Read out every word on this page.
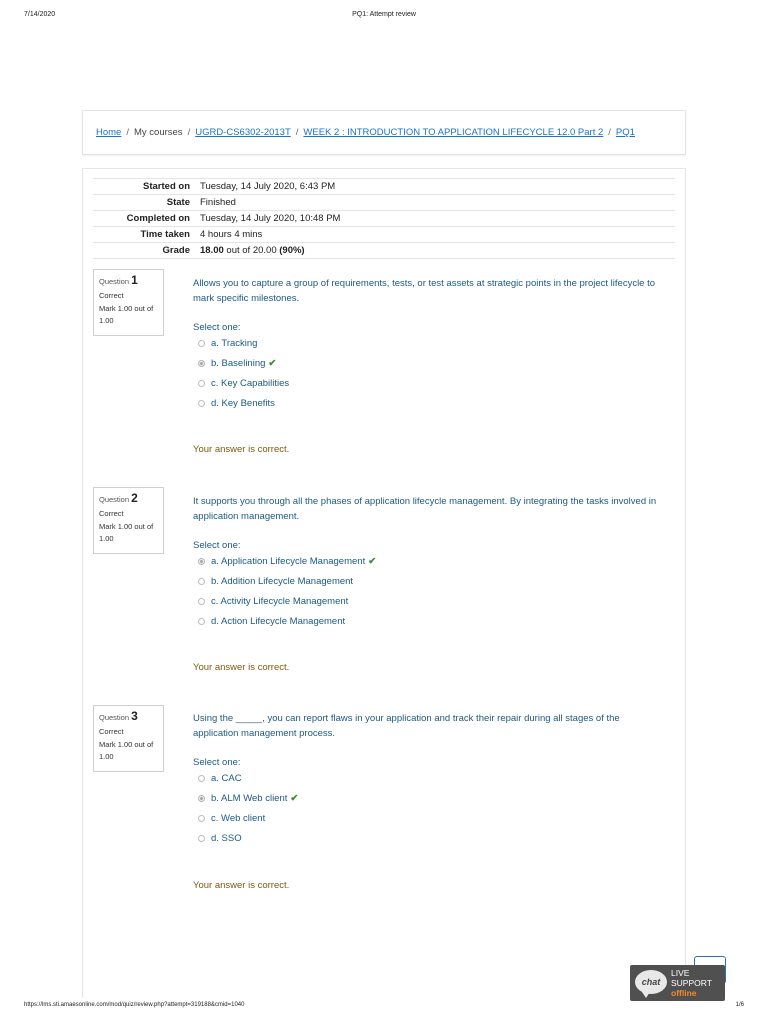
7/14/2020	PQ1: Attempt review
Home / My courses / UGRD-CS6302-2013T / WEEK 2 : INTRODUCTION TO APPLICATION LIFECYCLE 12.0 Part 2 / PQ1
Started on Tuesday, 14 July 2020, 6:43 PM
State Finished
Completed on Tuesday, 14 July 2020, 10:48 PM
Time taken 4 hours 4 mins
Grade 18.00 out of 20.00 (90%)
Question 1
Correct
Mark 1.00 out of 1.00
Allows you to capture a group of requirements, tests, or test assets at strategic points in the project lifecycle to mark specific milestones.
Select one:
a. Tracking
b. Baselining ✔
c. Key Capabilities
d. Key Benefits
Your answer is correct.
Question 2
Correct
Mark 1.00 out of 1.00
It supports you through all the phases of application lifecycle management. By integrating the tasks involved in application management.
Select one:
a. Application Lifecycle Management ✔
b. Addition Lifecycle Management
c. Activity Lifecycle Management
d. Action Lifecycle Management
Your answer is correct.
Question 3
Correct
Mark 1.00 out of 1.00
Using the _____, you can report flaws in your application and track their repair during all stages of the application management process.
Select one:
a. CAC
b. ALM Web client ✔
c. Web client
d. SSO
Your answer is correct.
chat
LIVE
SUPPORT
offline
https://lms.sti.amaesonline.com/mod/quiz/review.php?attempt=319188&cmid=1040	1/6
